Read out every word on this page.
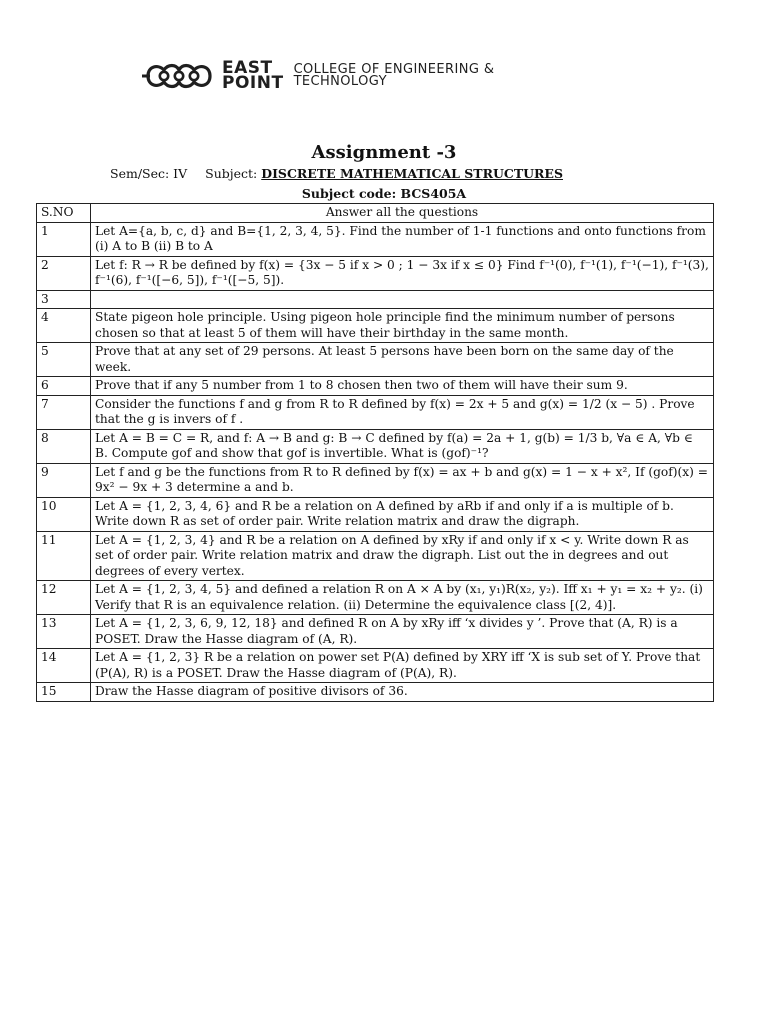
EAST
POINT
COLLEGE OF ENGINEERING &
TECHNOLOGY
Assignment -3
Sem/Sec: IV Subject: DISCRETE MATHEMATICAL STRUCTURES
Subject code: BCS405A
S.NO	Answer all the questions
1	Let A={a, b, c, d} and B={1, 2, 3, 4, 5}. Find the number of 1-1 functions and onto functions from (i) A to B (ii) B to A
2	Let f: R → R be defined by f(x) = {3x − 5 if x > 0 ; 1 − 3x if x ≤ 0} Find f⁻¹(0), f⁻¹(1), f⁻¹(−1), f⁻¹(3), f⁻¹(6), f⁻¹([−6, 5]), f⁻¹([−5, 5]).
3	
4	State pigeon hole principle. Using pigeon hole principle find the minimum number of persons chosen so that at least 5 of them will have their birthday in the same month.
5	Prove that at any set of 29 persons. At least 5 persons have been born on the same day of the week.
6	Prove that if any 5 number from 1 to 8 chosen then two of them will have their sum 9.
7	Consider the functions f and g from R to R defined by f(x) = 2x + 5 and g(x) = 1/2 (x − 5) . Prove that the g is invers of f .
8	Let A = B = C = R, and f: A → B and g: B → C defined by f(a) = 2a + 1, g(b) = 1/3 b, ∀a ∈ A, ∀b ∈ B. Compute gof and show that gof is invertible. What is (gof)⁻¹?
9	Let f and g be the functions from R to R defined by f(x) = ax + b and g(x) = 1 − x + x², If (gof)(x) = 9x² − 9x + 3 determine a and b.
10	Let A = {1, 2, 3, 4, 6} and R be a relation on A defined by aRb if and only if a is multiple of b. Write down R as set of order pair. Write relation matrix and draw the digraph.
11	Let A = {1, 2, 3, 4} and R be a relation on A defined by xRy if and only if x < y. Write down R as set of order pair. Write relation matrix and draw the digraph. List out the in degrees and out degrees of every vertex.
12	Let A = {1, 2, 3, 4, 5} and defined a relation R on A × A by (x₁, y₁)R(x₂, y₂). Iff x₁ + y₁ = x₂ + y₂. (i) Verify that R is an equivalence relation. (ii) Determine the equivalence class [(2, 4)].
13	Let A = {1, 2, 3, 6, 9, 12, 18} and defined R on A by xRy iff ‘x divides y ’. Prove that (A, R) is a POSET. Draw the Hasse diagram of (A, R).
14	Let A = {1, 2, 3} R be a relation on power set P(A) defined by XRY iff ‘X is sub set of Y. Prove that (P(A), R) is a POSET. Draw the Hasse diagram of (P(A), R).
15	Draw the Hasse diagram of positive divisors of 36.
